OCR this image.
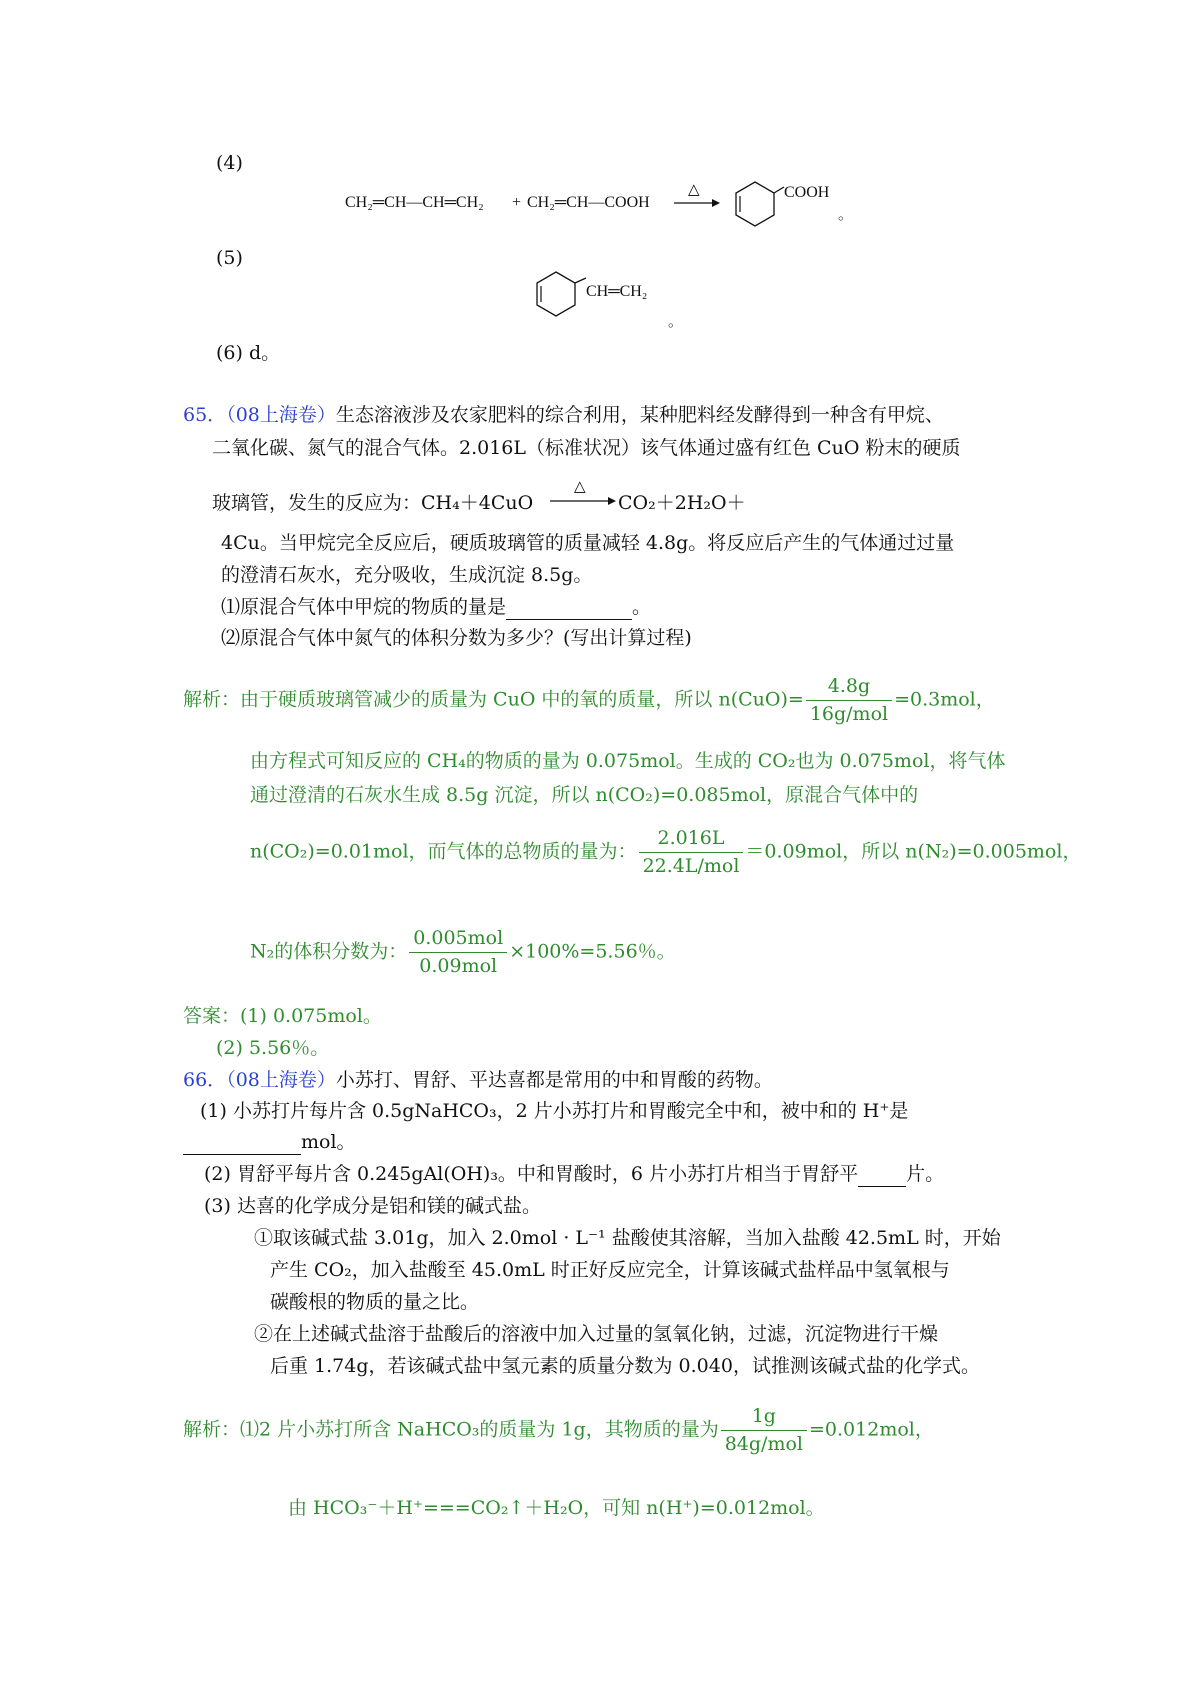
(4)
CH₂═CH—CH═CH₂ + CH₂═CH—COOH
△	COOH
。
(5)
CH═CH₂
。
(6) d。
65．（08上海卷）生态溶液涉及农家肥料的综合利用，某种肥料经发酵得到一种含有甲烷、
二氧化碳、氮气的混合气体。2.016L（标准状况）该气体通过盛有红色 CuO 粉末的硬质
玻璃管，发生的反应为：CH₄＋4CuO
△
CO₂＋2H₂O＋
4Cu。当甲烷完全反应后，硬质玻璃管的质量减轻 4.8g。将反应后产生的气体通过过量
的澄清石灰水，充分吸收，生成沉淀 8.5g。
⑴原混合气体中甲烷的物质的量是	。
⑵原混合气体中氮气的体积分数为多少？(写出计算过程)
解析：由于硬质玻璃管减少的质量为 CuO 中的氧的质量，所以 $n(CuO)= \frac{4.8g}{\text{16g/mol}} =0.3mol$，
由方程式可知反应的 CH₄的物质的量为 0.075mol。生成的 CO₂也为 0.075mol，将气体
通过澄清的石灰水生成 8.5g 沉淀，所以 n(CO₂)=0.085mol，原混合气体中的
n(CO₂)=0.01mol，而气体的总物质的量为： $\frac{2.016L}{\text{22.4L/mol}} =0.09mol$，所以 n(N₂)=0.005mol，
N₂的体积分数为： $\frac{\text{0.005mol}}{\text{0.09mol}} \times 100\%=5.56$％。
答案：(1) 0.075mol。
(2) 5.56％。
66．（08上海卷）小苏打、胃舒、平达喜都是常用的中和胃酸的药物。
(1) 小苏打片每片含 0.5gNaHCO₃，2 片小苏打片和胃酸完全中和，被中和的 H⁺是
mol。
(2) 胃舒平每片含 0.245gAl(OH)₃。中和胃酸时，6 片小苏打片相当于胃舒平	片。
(3) 达喜的化学成分是铝和镁的碱式盐。
①取该碱式盐 3.01g，加入 2.0mol · L⁻¹ 盐酸使其溶解，当加入盐酸 42.5mL 时，开始
产生 CO₂，加入盐酸至 45.0mL 时正好反应完全，计算该碱式盐样品中氢氧根与
碳酸根的物质的量之比。
②在上述碱式盐溶于盐酸后的溶液中加入过量的氢氧化钠，过滤，沉淀物进行干燥
后重 1.74g，若该碱式盐中氢元素的质量分数为 0.040，试推测该碱式盐的化学式。
解析：⑴2 片小苏打所含 NaHCO₃的质量为 1g，其物质的量为 $\frac{1g}{\text{84g/mol}} =0.012mol$，
由 HCO₃⁻＋H⁺===CO₂↑＋H₂O，可知 n(H⁺)=0.012mol。
